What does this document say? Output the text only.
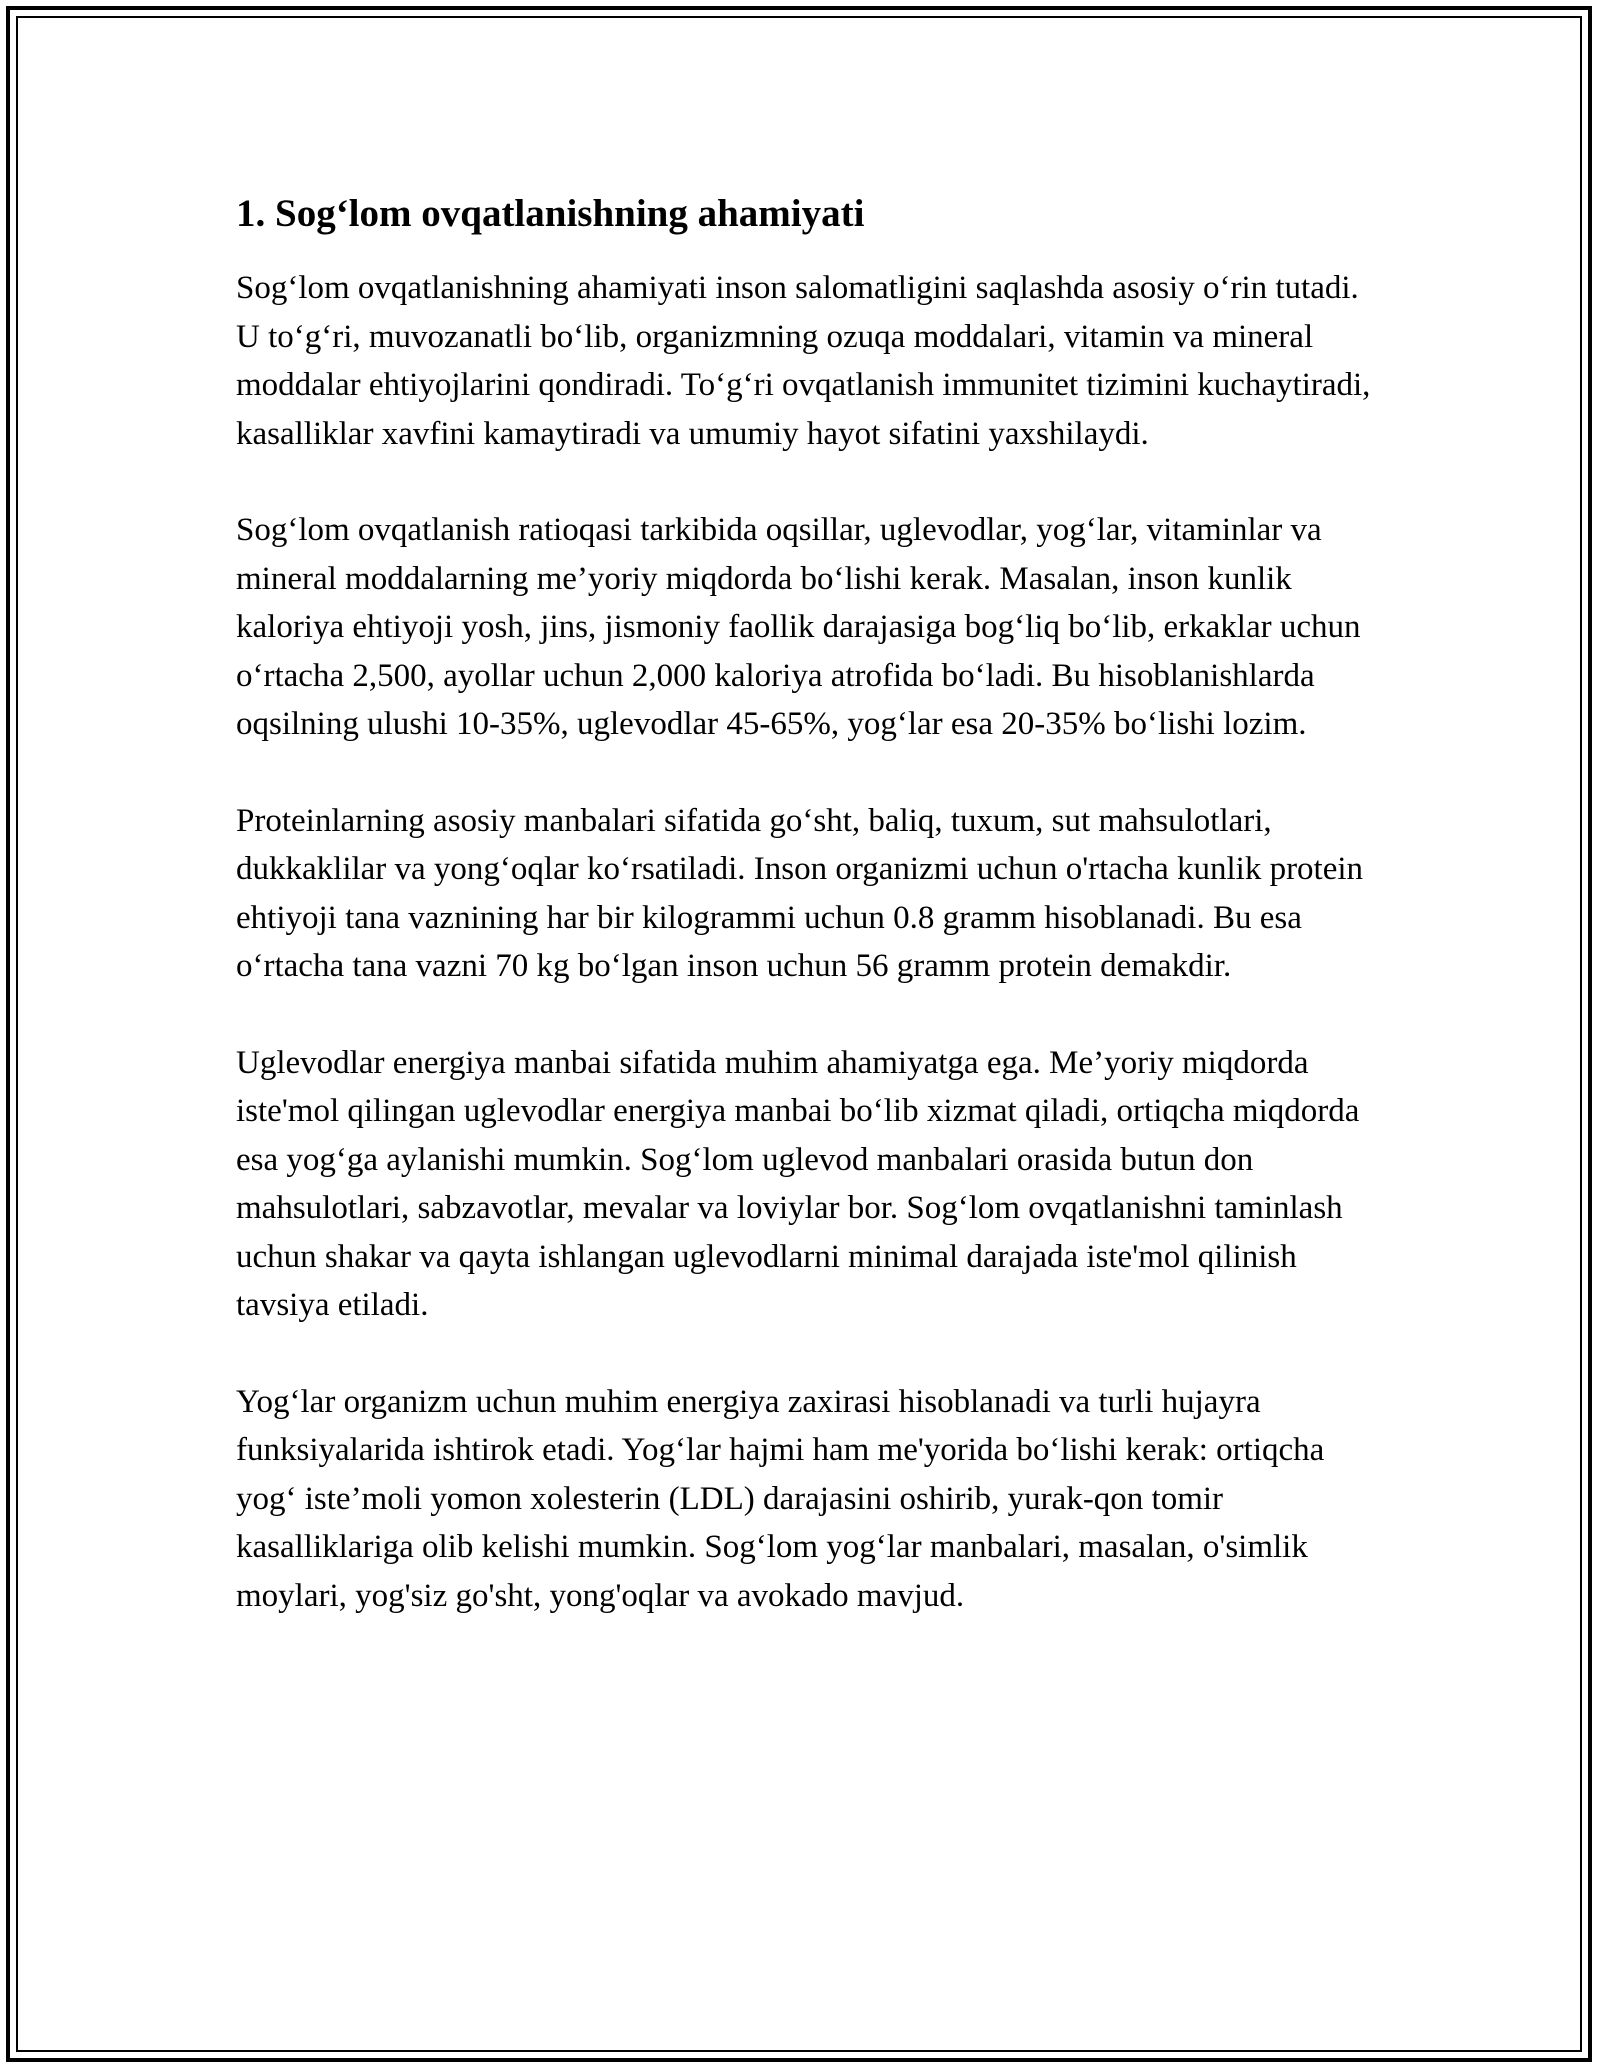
1. Sog‘lom ovqatlanishning ahamiyati

Sog‘lom ovqatlanishning ahamiyati inson salomatligini saqlashda asosiy o‘rin tutadi. U to‘g‘ri, muvozanatli bo‘lib, organizmning ozuqa moddalari, vitamin va mineral moddalar ehtiyojlarini qondiradi. To‘g‘ri ovqatlanish immunitet tizimini kuchaytiradi, kasalliklar xavfini kamaytiradi va umumiy hayot sifatini yaxshilaydi.

Sog‘lom ovqatlanish ratioqasi tarkibida oqsillar, uglevodlar, yog‘lar, vitaminlar va mineral moddalarning me’yoriy miqdorda bo‘lishi kerak. Masalan, inson kunlik kaloriya ehtiyoji yosh, jins, jismoniy faollik darajasiga bog‘liq bo‘lib, erkaklar uchun o‘rtacha 2,500, ayollar uchun 2,000 kaloriya atrofida bo‘ladi. Bu hisoblanishlarda oqsilning ulushi 10-35%, uglevodlar 45-65%, yog‘lar esa 20-35% bo‘lishi lozim.

Proteinlarning asosiy manbalari sifatida go‘sht, baliq, tuxum, sut mahsulotlari, dukkaklilar va yong‘oqlar ko‘rsatiladi. Inson organizmi uchun o'rtacha kunlik protein ehtiyoji tana vaznining har bir kilogrammi uchun 0.8 gramm hisoblanadi. Bu esa o‘rtacha tana vazni 70 kg bo‘lgan inson uchun 56 gramm protein demakdir.

Uglevodlar energiya manbai sifatida muhim ahamiyatga ega. Me’yoriy miqdorda iste'mol qilingan uglevodlar energiya manbai bo‘lib xizmat qiladi, ortiqcha miqdorda esa yog‘ga aylanishi mumkin. Sog‘lom uglevod manbalari orasida butun don mahsulotlari, sabzavotlar, mevalar va loviylar bor. Sog‘lom ovqatlanishni taminlash uchun shakar va qayta ishlangan uglevodlarni minimal darajada iste'mol qilinish tavsiya etiladi.

Yog‘lar organizm uchun muhim energiya zaxirasi hisoblanadi va turli hujayra funksiyalarida ishtirok etadi. Yog‘lar hajmi ham me'yorida bo‘lishi kerak: ortiqcha yog‘ iste’moli yomon xolesterin (LDL) darajasini oshirib, yurak-qon tomir kasalliklariga olib kelishi mumkin. Sog‘lom yog‘lar manbalari, masalan, o'simlik moylari, yog'siz go'sht, yong'oqlar va avokado mavjud.
